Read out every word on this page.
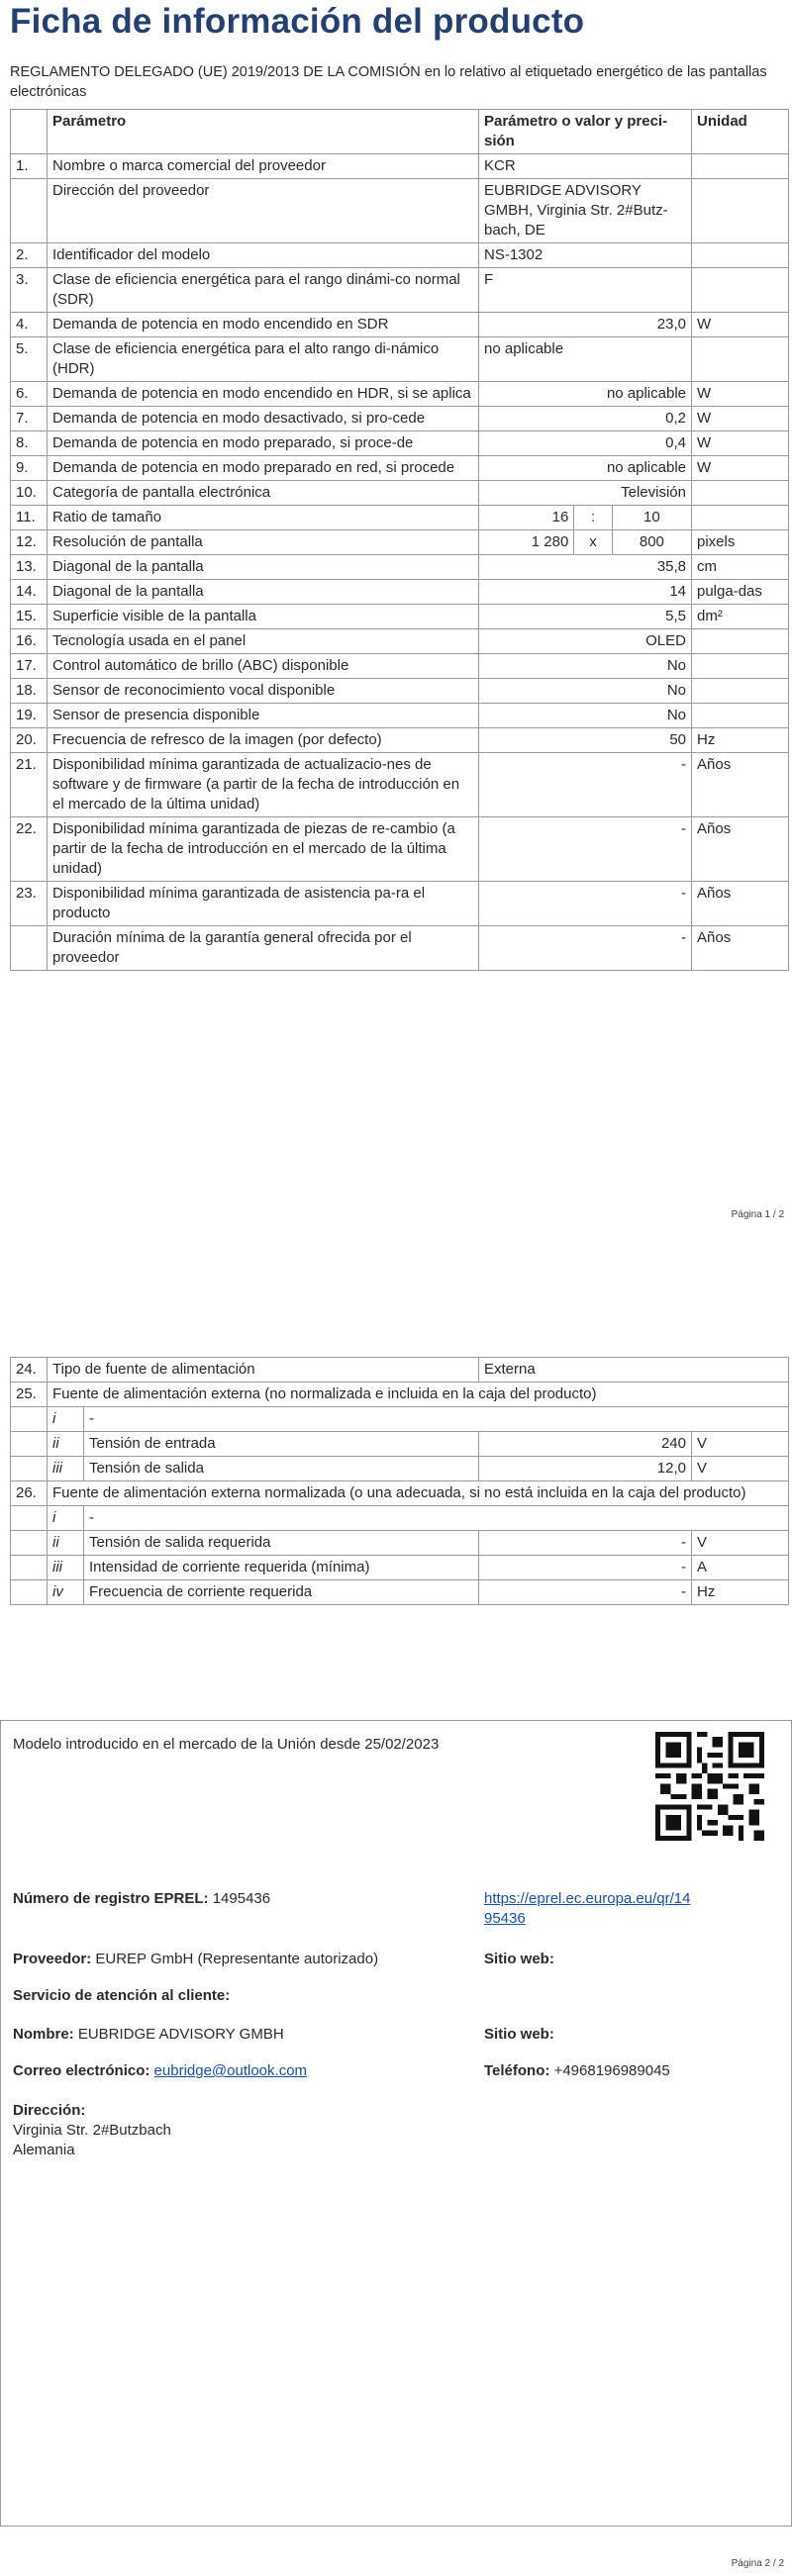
Ficha de información del producto
REGLAMENTO DELEGADO (UE) 2019/2013 DE LA COMISIÓN en lo relativo al etiquetado energético de las pantallas electrónicas
	Parámetro	Parámetro o valor y preci-sión	Unidad
1.	Nombre o marca comercial del proveedor	KCR	
	Dirección del proveedor	EUBRIDGE ADVISORY GMBH, Virginia Str. 2#Butz-bach, DE	
2.	Identificador del modelo	NS-1302	
3.	Clase de eficiencia energética para el rango dinámi-co normal (SDR)	F	
4.	Demanda de potencia en modo encendido en SDR	23,0	W
5.	Clase de eficiencia energética para el alto rango di-námico (HDR)	no aplicable	
6.	Demanda de potencia en modo encendido en HDR, si se aplica	no aplicable	W
7.	Demanda de potencia en modo desactivado, si pro-cede	0,2	W
8.	Demanda de potencia en modo preparado, si proce-de	0,4	W
9.	Demanda de potencia en modo preparado en red, si procede	no aplicable	W
10.	Categoría de pantalla electrónica	Televisión	
11.	Ratio de tamaño	16 : 10	

12.	Resolución de pantalla	1 280 x 800	pixels
13.	Diagonal de la pantalla	35,8	cm
14.	Diagonal de la pantalla	14	pulga-das
15.	Superficie visible de la pantalla	5,5	dm²
16.	Tecnología usada en el panel	OLED	
17.	Control automático de brillo (ABC) disponible	No	
18.	Sensor de reconocimiento vocal disponible	No	
19.	Sensor de presencia disponible	No	
20.	Frecuencia de refresco de la imagen (por defecto)	50	Hz
21.	Disponibilidad mínima garantizada de actualizacio-nes de software y de firmware (a partir de la fecha de introducción en el mercado de la última unidad)	-	Años
22.	Disponibilidad mínima garantizada de piezas de re-cambio (a partir de la fecha de introducción en el mercado de la última unidad)	-	Años
23.	Disponibilidad mínima garantizada de asistencia pa-ra el producto	-	Años
	Duración mínima de la garantía general ofrecida por el proveedor	-	Años
Página 1 / 2
24.	Tipo de fuente de alimentación		Externa	
25.	Fuente de alimentación externa (no normalizada e incluida en la caja del producto)			
	i	-		
	ii	Tensión de entrada	240	V
	iii	Tensión de salida	12,0	V
26.	Fuente de alimentación externa normalizada (o una adecuada, si no está incluida en la caja del producto)			
	i	-		
	ii	Tensión de salida requerida	-	V
	iii	Intensidad de corriente requerida (mínima)	-	A
	iv	Frecuencia de corriente requerida	-	Hz
Modelo introducido en el mercado de la Unión desde 25/02/2023
Número de registro EPREL: 1495436	https://eprel.ec.europa.eu/qr/14
95436
Proveedor: EUREP GmbH (Representante autorizado)	Sitio web:
Servicio de atención al cliente:
Nombre: EUBRIDGE ADVISORY GMBH	Sitio web:
Correo electrónico: eubridge@outlook.com	Teléfono: +4968196989045
Dirección:
Virginia Str. 2#Butzbach
Alemania
Página 2 / 2
